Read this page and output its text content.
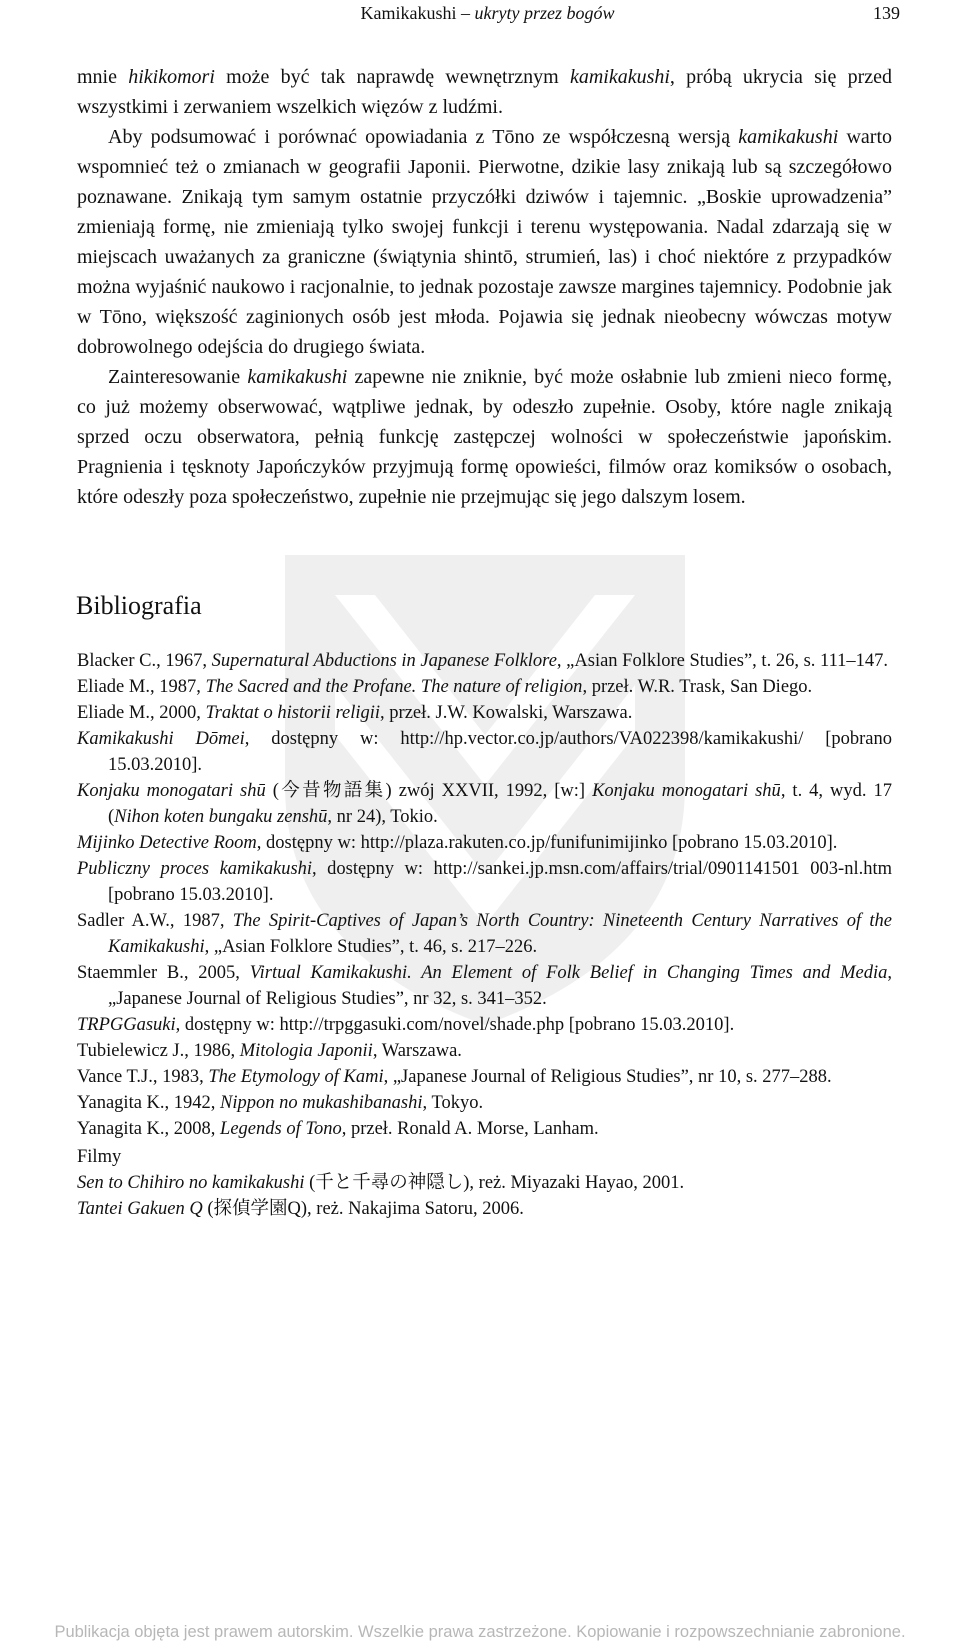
Kamikakushi – ukryty przez bogów	139

mnie hikikomori może być tak naprawdę wewnętrznym kamikakushi, próbą ukrycia się przed wszystkimi i zerwaniem wszelkich więzów z ludźmi.

Aby podsumować i porównać opowiadania z Tōno ze współczesną wersją kamikakushi warto wspomnieć też o zmianach w geografii Japonii. Pierwotne, dzikie lasy znikają lub są szczegółowo poznawane. Znikają tym samym ostatnie przyczółki dziwów i tajemnic. „Boskie uprowadzenia” zmieniają formę, nie zmieniają tylko swojej funkcji i terenu występowania. Nadal zdarzają się w miejscach uważanych za graniczne (świątynia shintō, strumień, las) i choć niektóre z przypadków można wyjaśnić naukowo i racjonalnie, to jednak pozostaje zawsze margines tajemnicy. Podobnie jak w Tōno, większość zaginionych osób jest młoda. Pojawia się jednak nieobecny wówczas motyw dobrowolnego odejścia do drugiego świata.

Zainteresowanie kamikakushi zapewne nie zniknie, być może osłabnie lub zmieni nieco formę, co już możemy obserwować, wątpliwe jednak, by odeszło zupełnie. Osoby, które nagle znikają sprzed oczu obserwatora, pełnią funkcję zastępczej wolności w społeczeństwie japońskim. Pragnienia i tęsknoty Japończyków przyjmują formę opowieści, filmów oraz komiksów o osobach, które odeszły poza społeczeństwo, zupełnie nie przejmując się jego dalszym losem.

Bibliografia
Blacker C., 1967, Supernatural Abductions in Japanese Folklore, „Asian Folklore Studies”, t. 26, s. 111–147.
Eliade M., 1987, The Sacred and the Profane. The nature of religion, przeł. W.R. Trask, San Diego.
Eliade M., 2000, Traktat o historii religii, przeł. J.W. Kowalski, Warszawa.
Kamikakushi Dōmei, dostępny w: http://hp.vector.co.jp/authors/VA022398/kamikakushi/ [pobrano 15.03.2010].
Konjaku monogatari shū (今昔物語集) zwój XXVII, 1992, [w:] Konjaku monogatari shū, t. 4, wyd. 17 (Nihon koten bungaku zenshū, nr 24), Tokio.
Mijinko Detective Room, dostępny w: http://plaza.rakuten.co.jp/funifunimijinko [pobrano 15.03.2010].
Publiczny proces kamikakushi, dostępny w: http://sankei.jp.msn.com/affairs/trial/0901141501 003-nl.htm [pobrano 15.03.2010].
Sadler A.W., 1987, The Spirit-Captives of Japan’s North Country: Nineteenth Century Narratives of the Kamikakushi, „Asian Folklore Studies”, t. 46, s. 217–226.
Staemmler B., 2005, Virtual Kamikakushi. An Element of Folk Belief in Changing Times and Media, „Japanese Journal of Religious Studies”, nr 32, s. 341–352.
TRPGGasuki, dostępny w: http://trpggasuki.com/novel/shade.php [pobrano 15.03.2010].
Tubielewicz J., 1986, Mitologia Japonii, Warszawa.
Vance T.J., 1983, The Etymology of Kami, „Japanese Journal of Religious Studies”, nr 10, s. 277–288.
Yanagita K., 1942, Nippon no mukashibanashi, Tokyo.
Yanagita K., 2008, Legends of Tono, przeł. Ronald A. Morse, Lanham.
Filmy
Sen to Chihiro no kamikakushi (千と千尋の神隠し), reż. Miyazaki Hayao, 2001.
Tantei Gakuen Q (探偵学園Q), reż. Nakajima Satoru, 2006.
Publikacja objęta jest prawem autorskim. Wszelkie prawa zastrzeżone. Kopiowanie i rozpowszechnianie zabronione.
